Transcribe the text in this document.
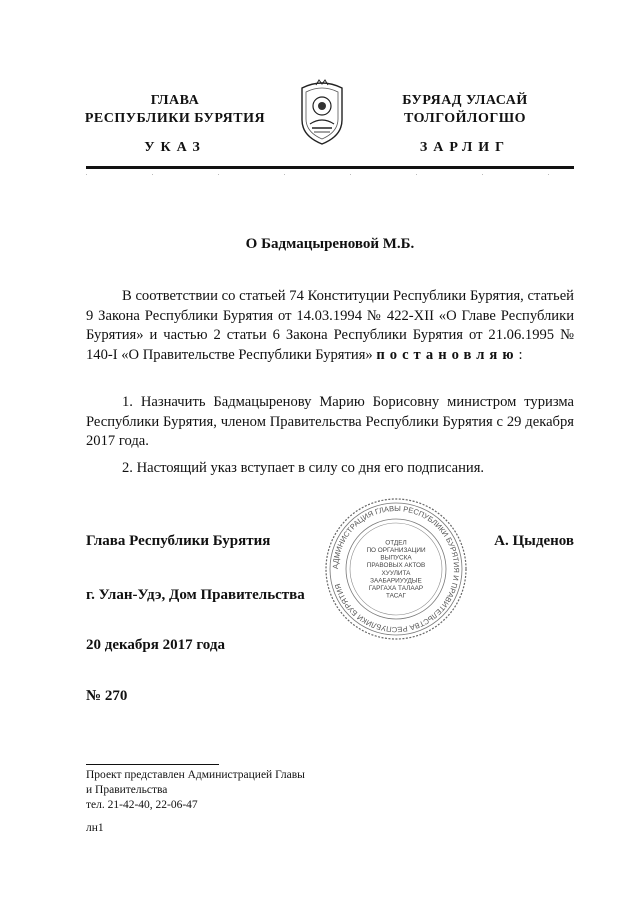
ГЛАВА
РЕСПУБЛИКИ БУРЯТИЯ
БУРЯАД УЛАСАЙ
ТОЛГОЙЛОГШО
УКАЗ	ЗАРЛИГ
О Бадмацыреновой М.Б.
В соответствии со статьей 74 Конституции Республики Бурятия, статьей 9 Закона Республики Бурятия от 14.03.1994 № 422-XII «О Главе Республики Бурятия» и частью 2 статьи 6 Закона Республики Бурятия от 21.06.1995 № 140-I «О Правительстве Республики Бурятия» постановляю:
1. Назначить Бадмацыренову Марию Борисовну министром туризма Республики Бурятия, членом Правительства Республики Бурятия с 29 декабря 2017 года.
2. Настоящий указ вступает в силу со дня его подписания.
АДМИНИСТРАЦИЯ ГЛАВЫ РЕСПУБЛИКИ БУРЯТИЯ И ПРАВИТЕЛЬСТВА РЕСПУБЛИКИ БУРЯТИЯ
ОТДЕЛ
ПО ОРГАНИЗАЦИИ
ВЫПУСКА
ПРАВОВЫХ АКТОВ
ХУУЛИТА
ЗААБАРИУУДЫЕ
ГАРГАХА ТАЛААР
ТАСАГ
Глава Республики Бурятия	А. Цыденов
г. Улан-Удэ, Дом Правительства
20 декабря 2017 года
№ 270
Проект представлен Администрацией Главы
и Правительства
тел. 21-42-40, 22-06-47
лн1
